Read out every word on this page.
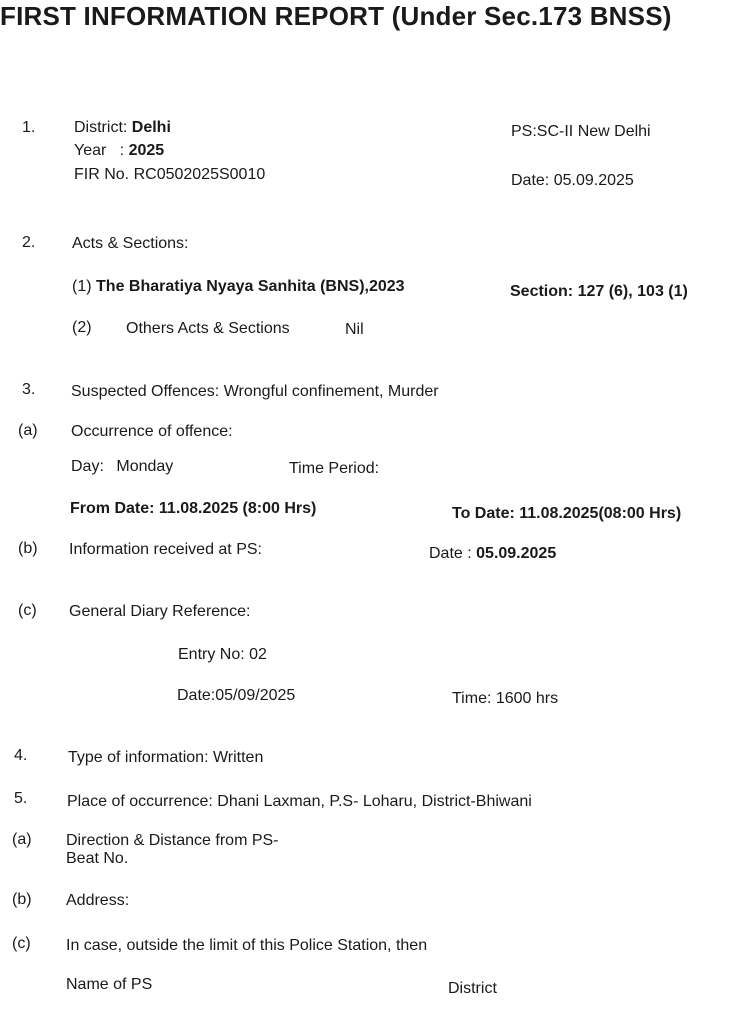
FIRST INFORMATION REPORT (Under Sec.173 BNSS)
1. District: Delhi
Year   : 2025
FIR No. RC0502025S0010
PS:SC-II New Delhi
Date: 05.09.2025
2. Acts & Sections:
(1) The Bharatiya Nyaya Sanhita (BNS),2023	Section: 127 (6), 103 (1)
(2) Others Acts & Sections	Nil
3. Suspected Offences: Wrongful confinement, Murder
(a) Occurrence of offence:
Day: Monday	Time Period:
From Date: 11.08.2025 (8:00 Hrs)	To Date: 11.08.2025(08:00 Hrs)
(b) Information received at PS:	Date : 05.09.2025
(c) General Diary Reference:
Entry No: 02
Date:05/09/2025	Time: 1600 hrs
4.	Type of information: Written
5. Place of occurrence: Dhani Laxman, P.S- Loharu, District-Bhiwani
(a) Direction & Distance from PS-
Beat No.
(b) Address:
(c) In case, outside the limit of this Police Station, then
Name of PS	District
